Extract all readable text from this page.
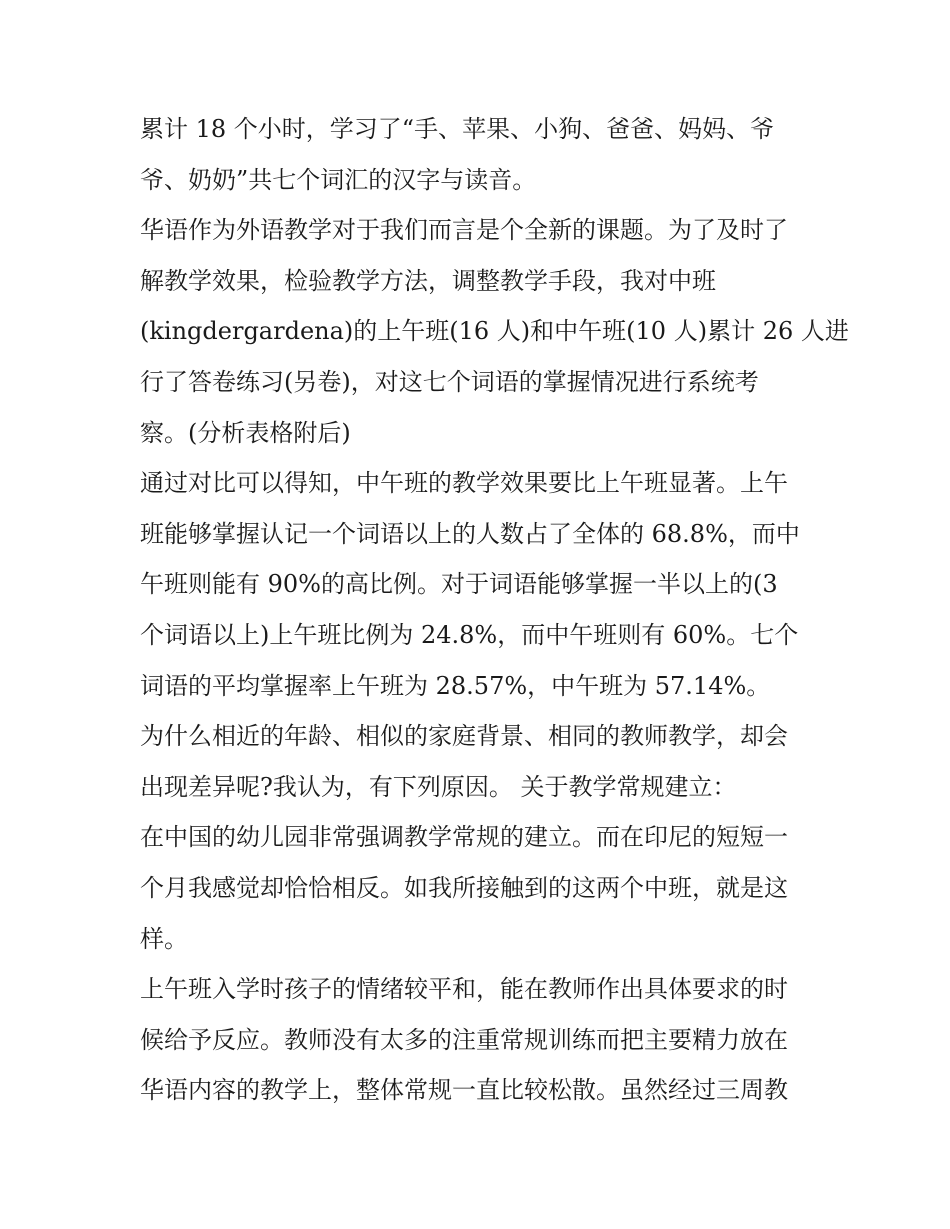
累计 18 个小时，学习了“手、苹果、小狗、爸爸、妈妈、爷
爷、奶奶”共七个词汇的汉字与读音。
华语作为外语教学对于我们而言是个全新的课题。为了及时了
解教学效果，检验教学方法，调整教学手段，我对中班
(kingdergardena)的上午班(16 人)和中午班(10 人)累计 26 人进
行了答卷练习(另卷)，对这七个词语的掌握情况进行系统考
察。(分析表格附后)
通过对比可以得知，中午班的教学效果要比上午班显著。上午
班能够掌握认记一个词语以上的人数占了全体的 68.8%，而中
午班则能有 90%的高比例。对于词语能够掌握一半以上的(3
个词语以上)上午班比例为 24.8%，而中午班则有 60%。七个
词语的平均掌握率上午班为 28.57%，中午班为 57.14%。
为什么相近的年龄、相似的家庭背景、相同的教师教学，却会
出现差异呢?我认为，有下列原因。 关于教学常规建立：
在中国的幼儿园非常强调教学常规的建立。而在印尼的短短一
个月我感觉却恰恰相反。如我所接触到的这两个中班，就是这
样。
上午班入学时孩子的情绪较平和，能在教师作出具体要求的时
候给予反应。教师没有太多的注重常规训练而把主要精力放在
华语内容的教学上，整体常规一直比较松散。虽然经过三周教
